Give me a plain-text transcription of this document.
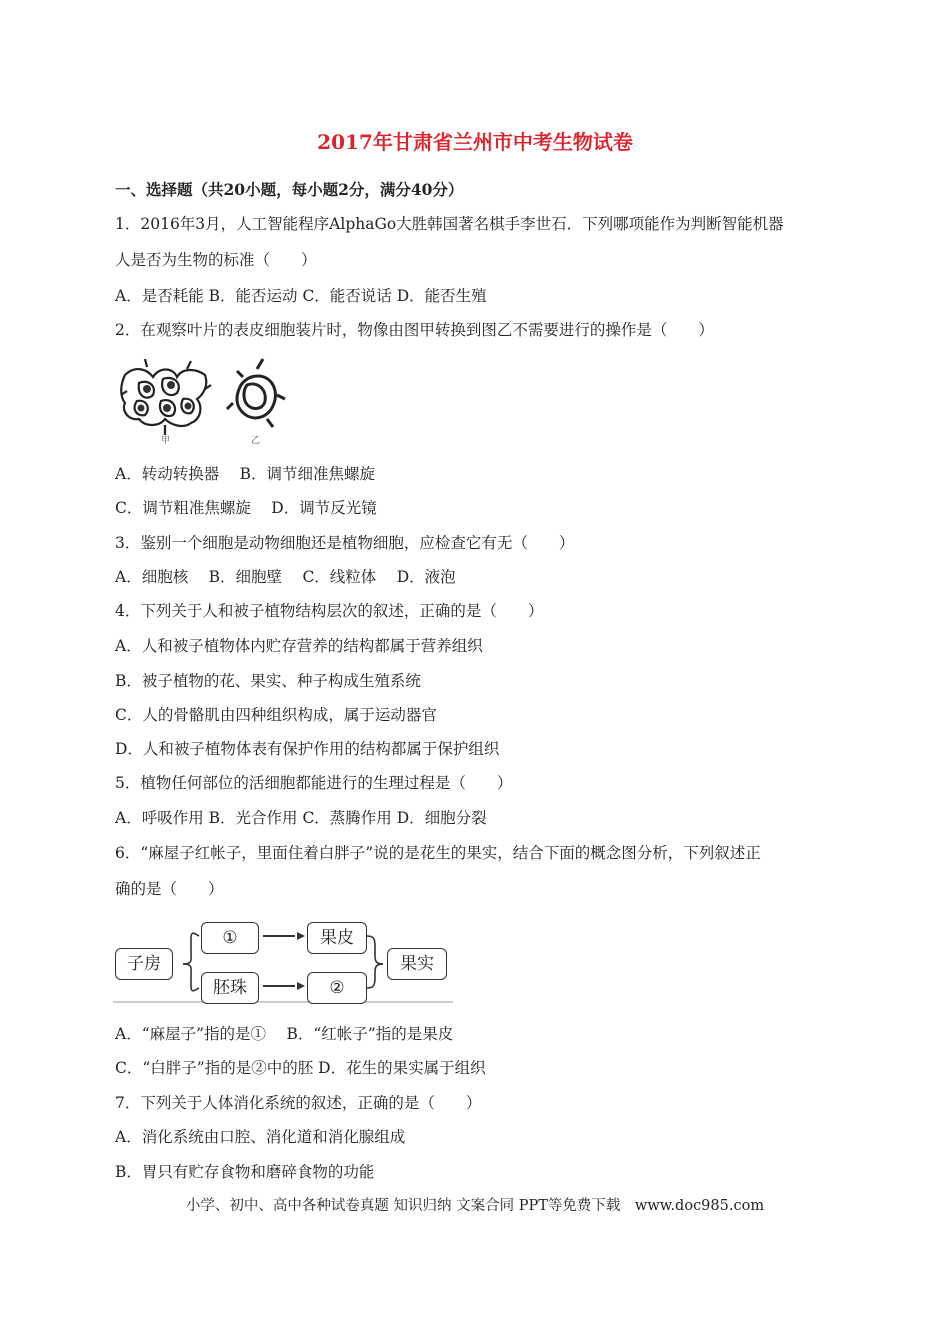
2017年甘肃省兰州市中考生物试卷
一、选择题（共20小题，每小题2分，满分40分）
1．2016年3月，人工智能程序AlphaGo大胜韩国著名棋手李世石．下列哪项能作为判断智能机器
人是否为生物的标准（　　）
A．是否耗能 B．能否运动 C．能否说话 D．能否生殖
2．在观察叶片的表皮细胞装片时，物像由图甲转换到图乙不需要进行的操作是（　　）
甲	乙
A．转动转换器　 B．调节细准焦螺旋
C．调节粗准焦螺旋　 D．调节反光镜
3．鉴别一个细胞是动物细胞还是植物细胞，应检查它有无（　　）
A．细胞核　 B．细胞壁　 C．线粒体　 D．液泡
4．下列关于人和被子植物结构层次的叙述，正确的是（　　）
A．人和被子植物体内贮存营养的结构都属于营养组织
B．被子植物的花、果实、种子构成生殖系统
C．人的骨骼肌由四种组织构成，属于运动器官
D．人和被子植物体表有保护作用的结构都属于保护组织
5．植物任何部位的活细胞都能进行的生理过程是（　　）
A．呼吸作用 B．光合作用 C．蒸腾作用 D．细胞分裂
6．“麻屋子红帐子，里面住着白胖子”说的是花生的果实，结合下面的概念图分析，下列叙述正
确的是（　　）
子房
①	果皮
胚珠	②
果实
A．“麻屋子”指的是①　 B．“红帐子”指的是果皮
C．“白胖子”指的是②中的胚 D．花生的果实属于组织
7．下列关于人体消化系统的叙述，正确的是（　　）
A．消化系统由口腔、消化道和消化腺组成
B．胃只有贮存食物和磨碎食物的功能
小学、初中、高中各种试卷真题 知识归纳 文案合同 PPT等免费下载　www.doc985.com
